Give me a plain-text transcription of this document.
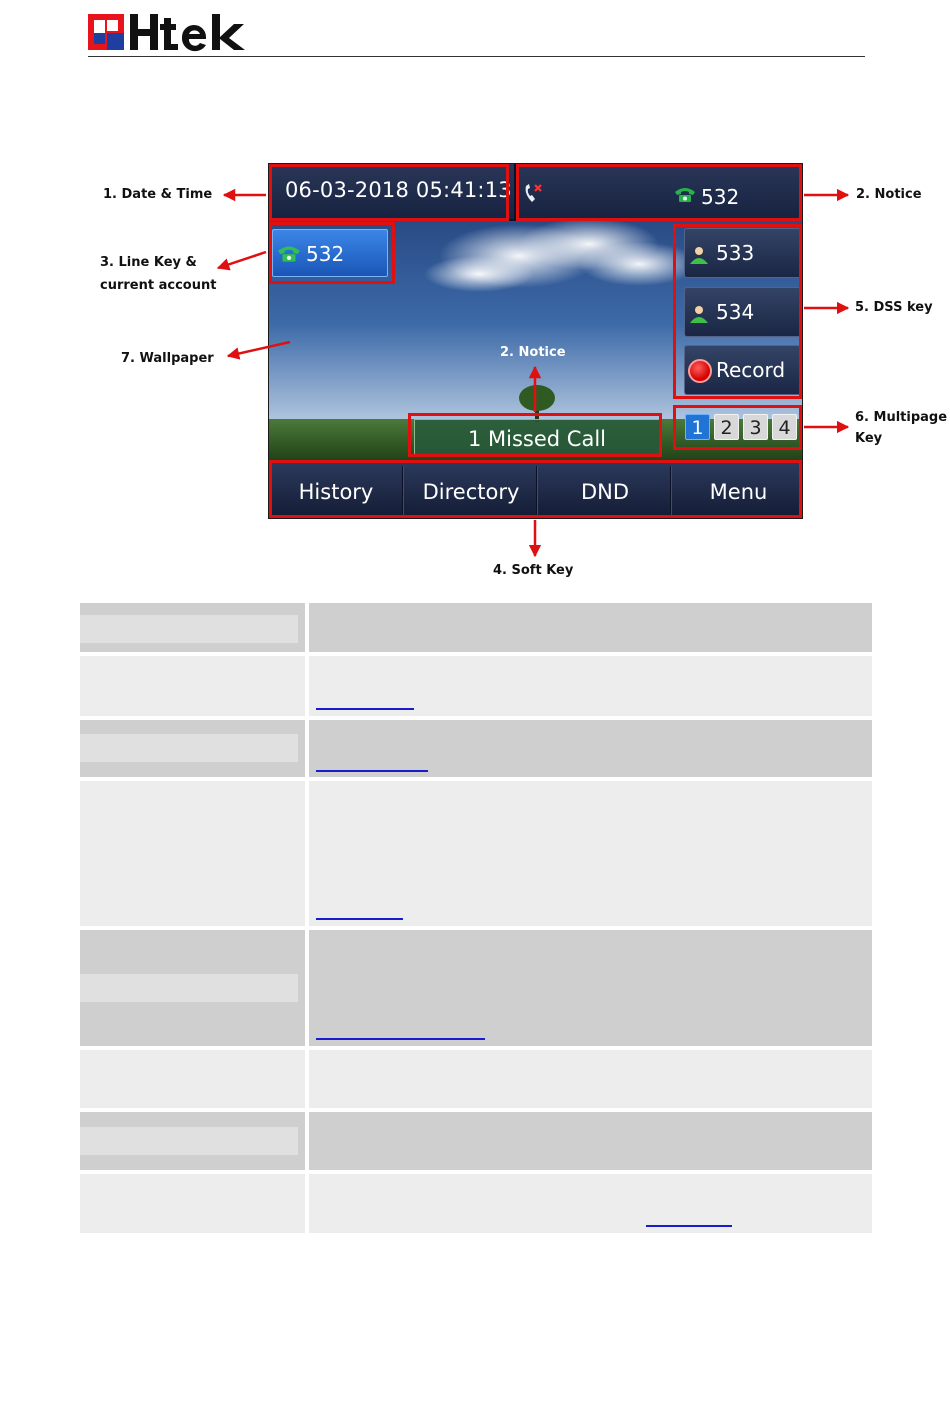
06-03-2018 05:41:13	532
532	533
534
Record
1 2 3 4
1 Missed Call
History	Directory	DND	Menu
1. Date & Time	2. Notice
3. Line Key &
current account
7. Wallpaper	2. Notice
5. DSS key
6. Multipage
Key
4. Soft Key
